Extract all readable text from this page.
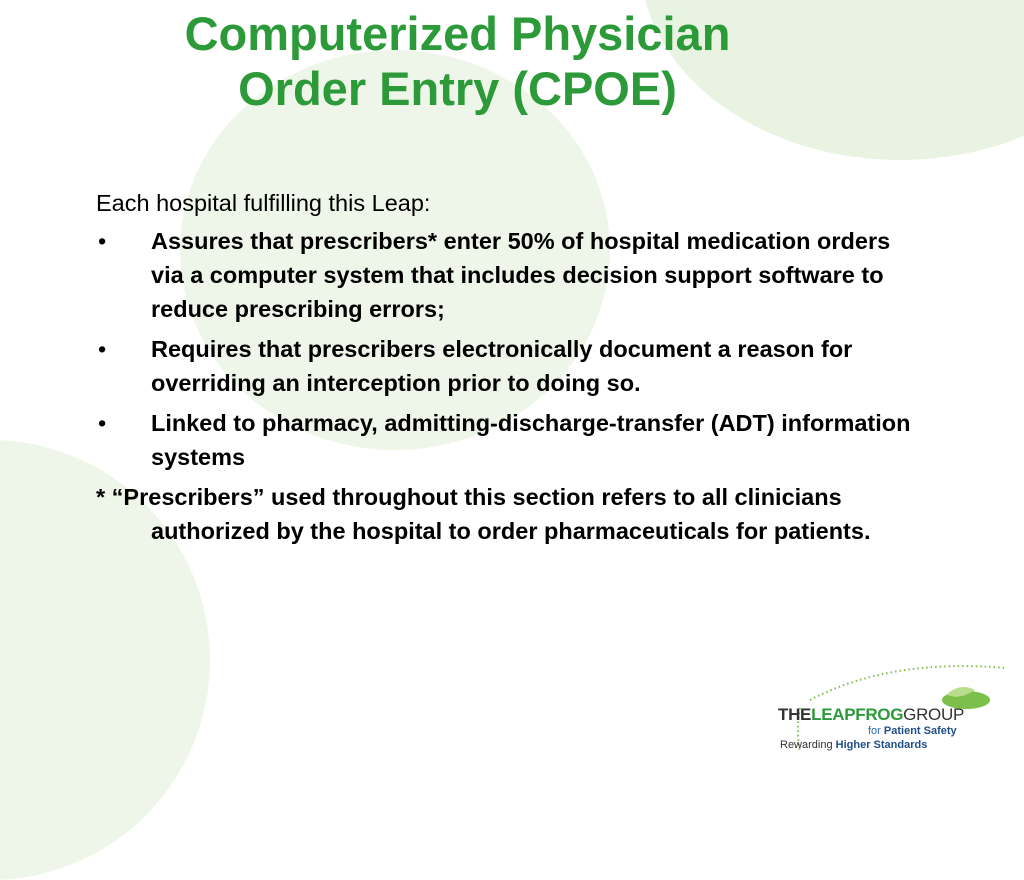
Computerized Physician
Order Entry (CPOE)
Each hospital fulfilling this Leap:
• Assures that prescribers* enter 50% of hospital medication orders via a computer system that includes decision support software to reduce prescribing errors;
• Requires that prescribers electronically document a reason for overriding an interception prior to doing so.
• Linked to pharmacy, admitting-discharge-transfer (ADT) information systems
* “Prescribers” used throughout this section refers to all clinicians authorized by the hospital to order pharmaceuticals for patients.
THELEAPFROGGROUP
for Patient Safety
Rewarding Higher Standards
